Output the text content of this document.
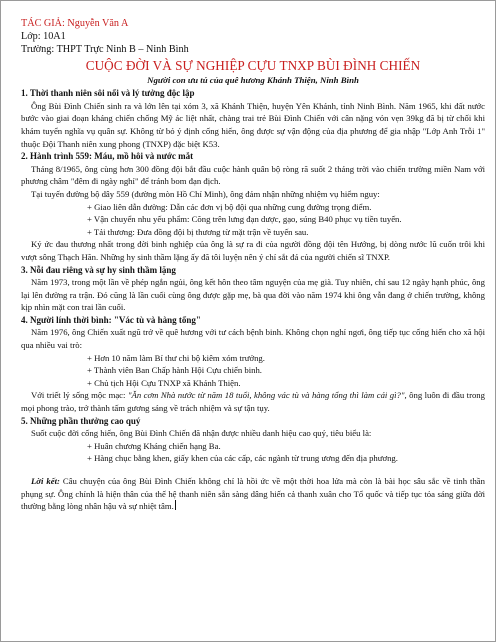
TÁC GIẢ: Nguyễn Văn A
Lớp: 10A1
Trường: THPT Trực Ninh B – Ninh Bình
CUỘC ĐỜI VÀ SỰ NGHIỆP CỰU TNXP BÙI ĐÌNH CHIẾN
Người con ưu tú của quê hương Khánh Thiện, Ninh Bình
1. Thời thanh niên sôi nổi và lý tưởng độc lập

Ông Bùi Đình Chiến sinh ra và lớn lên tại xóm 3, xã Khánh Thiện, huyện Yên Khánh, tỉnh Ninh Bình. Năm 1965, khi đất nước bước vào giai đoạn kháng chiến chống Mỹ ác liệt nhất, chàng trai trẻ Bùi Đình Chiến với cân nặng vỏn vẹn 39kg đã bị từ chối khi khám tuyển nghĩa vụ quân sự. Không từ bỏ ý định cống hiến, ông được sự vận động của địa phương để gia nhập "Lớp Anh Trỗi 1" thuộc Đội Thanh niên xung phong (TNXP) đặc biệt K53.

2. Hành trình 559: Máu, mồ hôi và nước mắt

Tháng 8/1965, ông cùng hơn 300 đồng đội bắt đầu cuộc hành quân bộ ròng rã suốt 2 tháng trời vào chiến trường miền Nam với phương châm "đêm đi ngày nghỉ" để tránh bom đạn địch.

Tại tuyến đường bộ dây 559 (đường mòn Hồ Chí Minh), ông đảm nhận những nhiệm vụ hiểm nguy:

+ Giao liên dẫn đường: Dẫn các đơn vị bộ đội qua những cung đường trọng điểm.
+ Vận chuyển nhu yếu phẩm: Cõng trên lưng đạn dược, gạo, súng B40 phục vụ tiền tuyến.
+ Tải thương: Đưa đồng đội bị thương từ mặt trận về tuyến sau.

Ký ức đau thương nhất trong đời binh nghiệp của ông là sự ra đi của người đồng đội tên Hướng, bị dòng nước lũ cuốn trôi khi vượt sông Thạch Hãn. Những hy sinh thầm lặng ấy đã tôi luyện nên ý chí sắt đá của người chiến sĩ TNXP.

3. Nỗi đau riêng và sự hy sinh thầm lặng

Năm 1973, trong một lần về phép ngắn ngủi, ông kết hôn theo tâm nguyện của mẹ già. Tuy nhiên, chỉ sau 12 ngày hạnh phúc, ông lại lên đường ra trận. Đó cũng là lần cuối cùng ông được gặp mẹ, bà qua đời vào năm 1974 khi ông vẫn đang ở chiến trường, không kịp nhìn mặt con trai lần cuối.

4. Người lính thời bình: "Vác tù và hàng tổng"

Năm 1976, ông Chiến xuất ngũ trở về quê hương với tư cách bệnh binh. Không chọn nghỉ ngơi, ông tiếp tục cống hiến cho xã hội qua nhiều vai trò:

+ Hơn 10 năm làm Bí thư chi bộ kiêm xóm trưởng.
+ Thành viên Ban Chấp hành Hội Cựu chiến binh.
+ Chủ tịch Hội Cựu TNXP xã Khánh Thiện.

Với triết lý sống mộc mạc: "Ăn cơm Nhà nước từ năm 18 tuổi, không vác tù và hàng tổng thì làm cái gì?", ông luôn đi đầu trong mọi phong trào, trở thành tấm gương sáng về trách nhiệm và sự tận tụy.

5. Những phần thưởng cao quý

Suốt cuộc đời cống hiến, ông Bùi Đình Chiến đã nhận được nhiều danh hiệu cao quý, tiêu biểu là:

+ Huân chương Kháng chiến hạng Ba.
+ Hàng chục bằng khen, giấy khen của các cấp, các ngành từ trung ương đến địa phương.

Lời kết: Câu chuyện của ông Bùi Đình Chiến không chỉ là hồi ức về một thời hoa lửa mà còn là bài học sâu sắc về tinh thần phụng sự. Ông chính là hiện thân của thế hệ thanh niên sẵn sàng dâng hiến cả thanh xuân cho Tổ quốc và tiếp tục tỏa sáng giữa đời thường bằng lòng nhân hậu và sự nhiệt tâm.
